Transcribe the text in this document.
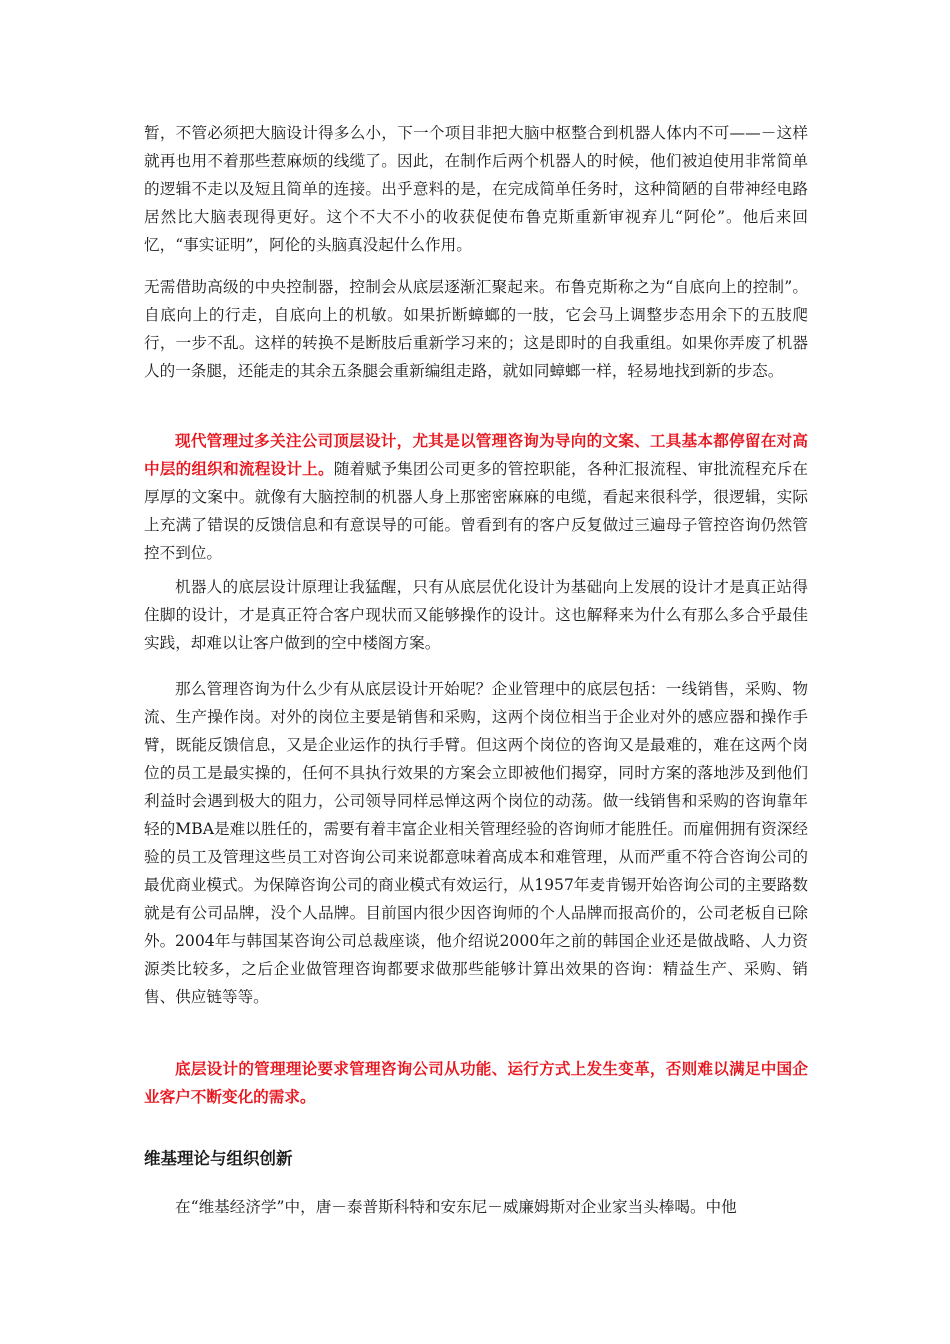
暂，不管必须把大脑设计得多么小，下一个项目非把大脑中枢整合到机器人体内不可——－这样就再也用不着那些惹麻烦的线缆了。因此，在制作后两个机器人的时候，他们被迫使用非常简单的逻辑不走以及短且简单的连接。出乎意料的是，在完成简单任务时，这种简陋的自带神经电路居然比大脑表现得更好。这个不大不小的收获促使布鲁克斯重新审视弃儿“阿伦”。他后来回忆，“事实证明”，阿伦的头脑真没起什么作用。

无需借助高级的中央控制器，控制会从底层逐渐汇聚起来。布鲁克斯称之为“自底向上的控制”。自底向上的行走，自底向上的机敏。如果折断蟑螂的一肢，它会马上调整步态用余下的五肢爬行，一步不乱。这样的转换不是断肢后重新学习来的；这是即时的自我重组。如果你弄废了机器人的一条腿，还能走的其余五条腿会重新编组走路，就如同蟑螂一样，轻易地找到新的步态。

现代管理过多关注公司顶层设计，尤其是以管理咨询为导向的文案、工具基本都停留在对高中层的组织和流程设计上。随着赋予集团公司更多的管控职能，各种汇报流程、审批流程充斥在厚厚的文案中。就像有大脑控制的机器人身上那密密麻麻的电缆，看起来很科学，很逻辑，实际上充满了错误的反馈信息和有意误导的可能。曾看到有的客户反复做过三遍母子管控咨询仍然管控不到位。

机器人的底层设计原理让我猛醒，只有从底层优化设计为基础向上发展的设计才是真正站得住脚的设计，才是真正符合客户现状而又能够操作的设计。这也解释来为什么有那么多合乎最佳实践，却难以让客户做到的空中楼阁方案。

那么管理咨询为什么少有从底层设计开始呢？企业管理中的底层包括：一线销售，采购、物流、生产操作岗。对外的岗位主要是销售和采购，这两个岗位相当于企业对外的感应器和操作手臂，既能反馈信息，又是企业运作的执行手臂。但这两个岗位的咨询又是最难的，难在这两个岗位的员工是最实操的，任何不具执行效果的方案会立即被他们揭穿，同时方案的落地涉及到他们利益时会遇到极大的阻力，公司领导同样忌惮这两个岗位的动荡。做一线销售和采购的咨询靠年轻的MBA是难以胜任的，需要有着丰富企业相关管理经验的咨询师才能胜任。而雇佣拥有资深经验的员工及管理这些员工对咨询公司来说都意味着高成本和难管理，从而严重不符合咨询公司的最优商业模式。为保障咨询公司的商业模式有效运行，从1957年麦肯锡开始咨询公司的主要路数就是有公司品牌，没个人品牌。目前国内很少因咨询师的个人品牌而报高价的，公司老板自已除外。 2004年与韩国某咨询公司总裁座谈，他介绍说2000年之前的韩国企业还是做战略、人力资源类比较多，之后企业做管理咨询都要求做那些能够计算出效果的咨询：精益生产、采购、销售、供应链等等。

底层设计的管理理论要求管理咨询公司从功能、运行方式上发生变革，否则难以满足中国企业客户不断变化的需求。

维基理论与组织创新

在“维基经济学”中，唐－泰普斯科特和安东尼－威廉姆斯对企业家当头棒喝。中他
